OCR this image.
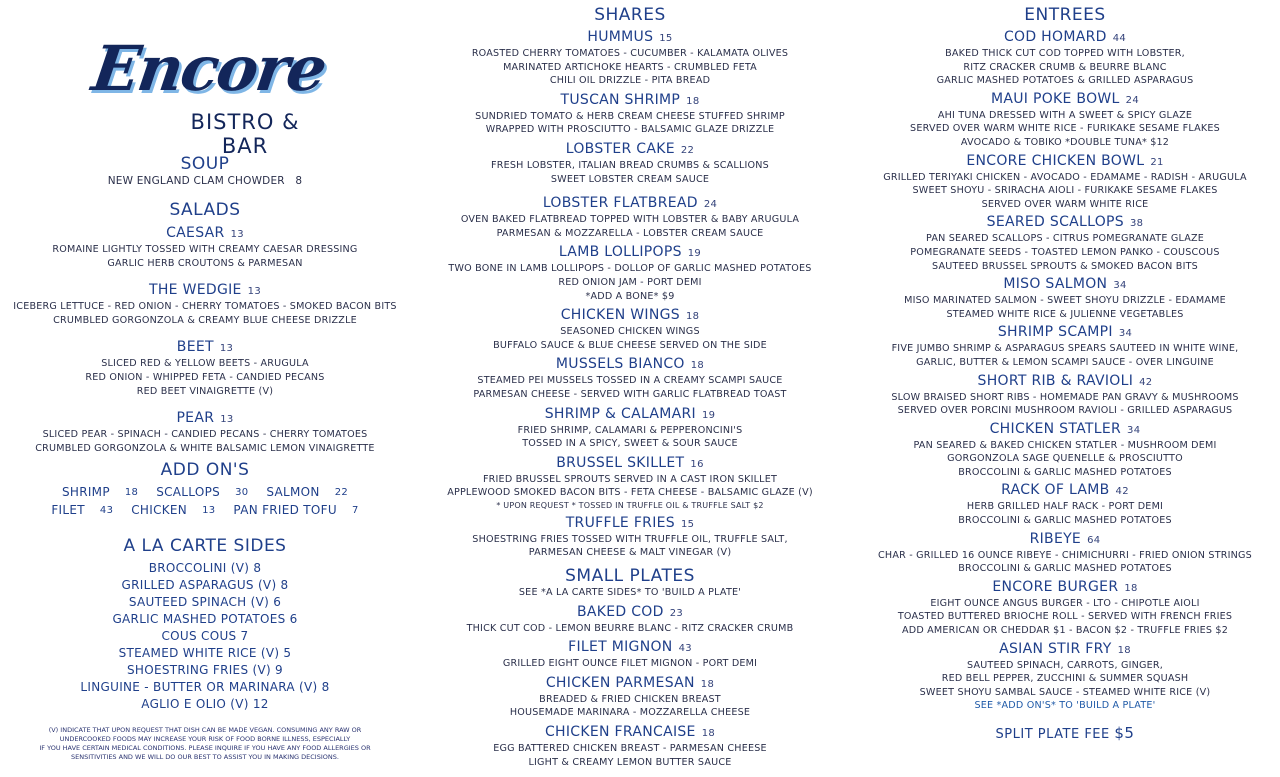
Encore
BISTRO & BAR
SOUP
NEW ENGLAND CLAM CHOWDER 8
SALADS
CAESAR 13
ROMAINE LIGHTLY TOSSED WITH CREAMY CAESAR DRESSING
GARLIC HERB CROUTONS & PARMESAN
THE WEDGIE 13
ICEBERG LETTUCE - RED ONION - CHERRY TOMATOES - SMOKED BACON BITS
CRUMBLED GORGONZOLA & CREAMY BLUE CHEESE DRIZZLE
BEET 13
SLICED RED & YELLOW BEETS - ARUGULA
RED ONION - WHIPPED FETA - CANDIED PECANS
RED BEET VINAIGRETTE (V)
PEAR 13
SLICED PEAR - SPINACH - CANDIED PECANS - CHERRY TOMATOES
CRUMBLED GORGONZOLA & WHITE BALSAMIC LEMON VINAIGRETTE
ADD ON'S
SHRIMP 18 SCALLOPS 30 SALMON 22
FILET 43 CHICKEN 13 PAN FRIED TOFU 7
A LA CARTE SIDES
BROCCOLINI (V) 8
GRILLED ASPARAGUS (V) 8
SAUTEED SPINACH (V) 6
GARLIC MASHED POTATOES 6
COUS COUS 7
STEAMED WHITE RICE (V) 5
SHOESTRING FRIES (V) 9
LINGUINE - BUTTER OR MARINARA (V) 8
AGLIO E OLIO (V) 12
(V) INDICATE THAT UPON REQUEST THAT DISH CAN BE MADE VEGAN. CONSUMING ANY RAW OR
UNDERCOOKED FOODS MAY INCREASE YOUR RISK OF FOOD BORNE ILLNESS, ESPECIALLY
IF YOU HAVE CERTAIN MEDICAL CONDITIONS. PLEASE INQUIRE IF YOU HAVE ANY FOOD ALLERGIES OR
SENSITIVITIES AND WE WILL DO OUR BEST TO ASSIST YOU IN MAKING DECISIONS.
SHARES
HUMMUS 15
ROASTED CHERRY TOMATOES - CUCUMBER - KALAMATA OLIVES
MARINATED ARTICHOKE HEARTS - CRUMBLED FETA
CHILI OIL DRIZZLE - PITA BREAD
TUSCAN SHRIMP 18
SUNDRIED TOMATO & HERB CREAM CHEESE STUFFED SHRIMP
WRAPPED WITH PROSCIUTTO - BALSAMIC GLAZE DRIZZLE
LOBSTER CAKE 22
FRESH LOBSTER, ITALIAN BREAD CRUMBS & SCALLIONS
SWEET LOBSTER CREAM SAUCE
LOBSTER FLATBREAD 24
OVEN BAKED FLATBREAD TOPPED WITH LOBSTER & BABY ARUGULA
PARMESAN & MOZZARELLA - LOBSTER CREAM SAUCE
LAMB LOLLIPOPS 19
TWO BONE IN LAMB LOLLIPOPS - DOLLOP OF GARLIC MASHED POTATOES
RED ONION JAM - PORT DEMI
*ADD A BONE* $9
CHICKEN WINGS 18
SEASONED CHICKEN WINGS
BUFFALO SAUCE & BLUE CHEESE SERVED ON THE SIDE
MUSSELS BIANCO 18
STEAMED PEI MUSSELS TOSSED IN A CREAMY SCAMPI SAUCE
PARMESAN CHEESE - SERVED WITH GARLIC FLATBREAD TOAST
SHRIMP & CALAMARI 19
FRIED SHRIMP, CALAMARI & PEPPERONCINI'S
TOSSED IN A SPICY, SWEET & SOUR SAUCE
BRUSSEL SKILLET 16
FRIED BRUSSEL SPROUTS SERVED IN A CAST IRON SKILLET
APPLEWOOD SMOKED BACON BITS - FETA CHEESE - BALSAMIC GLAZE (V)
* UPON REQUEST * TOSSED IN TRUFFLE OIL & TRUFFLE SALT $2
TRUFFLE FRIES 15
SHOESTRING FRIES TOSSED WITH TRUFFLE OIL, TRUFFLE SALT,
PARMESAN CHEESE & MALT VINEGAR (V)
SMALL PLATES
SEE *A LA CARTE SIDES* TO 'BUILD A PLATE'
BAKED COD 23
THICK CUT COD - LEMON BEURRE BLANC - RITZ CRACKER CRUMB
FILET MIGNON 43
GRILLED EIGHT OUNCE FILET MIGNON - PORT DEMI
CHICKEN PARMESAN 18
BREADED & FRIED CHICKEN BREAST
HOUSEMADE MARINARA - MOZZARELLA CHEESE
CHICKEN FRANCAISE 18
EGG BATTERED CHICKEN BREAST - PARMESAN CHEESE
LIGHT & CREAMY LEMON BUTTER SAUCE
ENTREES
COD HOMARD 44
BAKED THICK CUT COD TOPPED WITH LOBSTER,
RITZ CRACKER CRUMB & BEURRE BLANC
GARLIC MASHED POTATOES & GRILLED ASPARAGUS
MAUI POKE BOWL 24
AHI TUNA DRESSED WITH A SWEET & SPICY GLAZE
SERVED OVER WARM WHITE RICE - FURIKAKE SESAME FLAKES
AVOCADO & TOBIKO *DOUBLE TUNA* $12
ENCORE CHICKEN BOWL 21
GRILLED TERIYAKI CHICKEN - AVOCADO - EDAMAME - RADISH - ARUGULA
SWEET SHOYU - SRIRACHA AIOLI - FURIKAKE SESAME FLAKES
SERVED OVER WARM WHITE RICE
SEARED SCALLOPS 38
PAN SEARED SCALLOPS - CITRUS POMEGRANATE GLAZE
POMEGRANATE SEEDS - TOASTED LEMON PANKO - COUSCOUS
SAUTEED BRUSSEL SPROUTS & SMOKED BACON BITS
MISO SALMON 34
MISO MARINATED SALMON - SWEET SHOYU DRIZZLE - EDAMAME
STEAMED WHITE RICE & JULIENNE VEGETABLES
SHRIMP SCAMPI 34
FIVE JUMBO SHRIMP & ASPARAGUS SPEARS SAUTEED IN WHITE WINE,
GARLIC, BUTTER & LEMON SCAMPI SAUCE - OVER LINGUINE
SHORT RIB & RAVIOLI 42
SLOW BRAISED SHORT RIBS - HOMEMADE PAN GRAVY & MUSHROOMS
SERVED OVER PORCINI MUSHROOM RAVIOLI - GRILLED ASPARAGUS
CHICKEN STATLER 34
PAN SEARED & BAKED CHICKEN STATLER - MUSHROOM DEMI
GORGONZOLA SAGE QUENELLE & PROSCIUTTO
BROCCOLINI & GARLIC MASHED POTATOES
RACK OF LAMB 42
HERB GRILLED HALF RACK - PORT DEMI
BROCCOLINI & GARLIC MASHED POTATOES
RIBEYE 64
CHAR - GRILLED 16 OUNCE RIBEYE - CHIMICHURRI - FRIED ONION STRINGS
BROCCOLINI & GARLIC MASHED POTATOES
ENCORE BURGER 18
EIGHT OUNCE ANGUS BURGER - LTO - CHIPOTLE AIOLI
TOASTED BUTTERED BRIOCHE ROLL - SERVED WITH FRENCH FRIES
ADD AMERICAN OR CHEDDAR $1 - BACON $2 - TRUFFLE FRIES $2
ASIAN STIR FRY 18
SAUTEED SPINACH, CARROTS, GINGER,
RED BELL PEPPER, ZUCCHINI & SUMMER SQUASH
SWEET SHOYU SAMBAL SAUCE - STEAMED WHITE RICE (V)
SEE *ADD ON'S* TO 'BUILD A PLATE'
SPLIT PLATE FEE $5
